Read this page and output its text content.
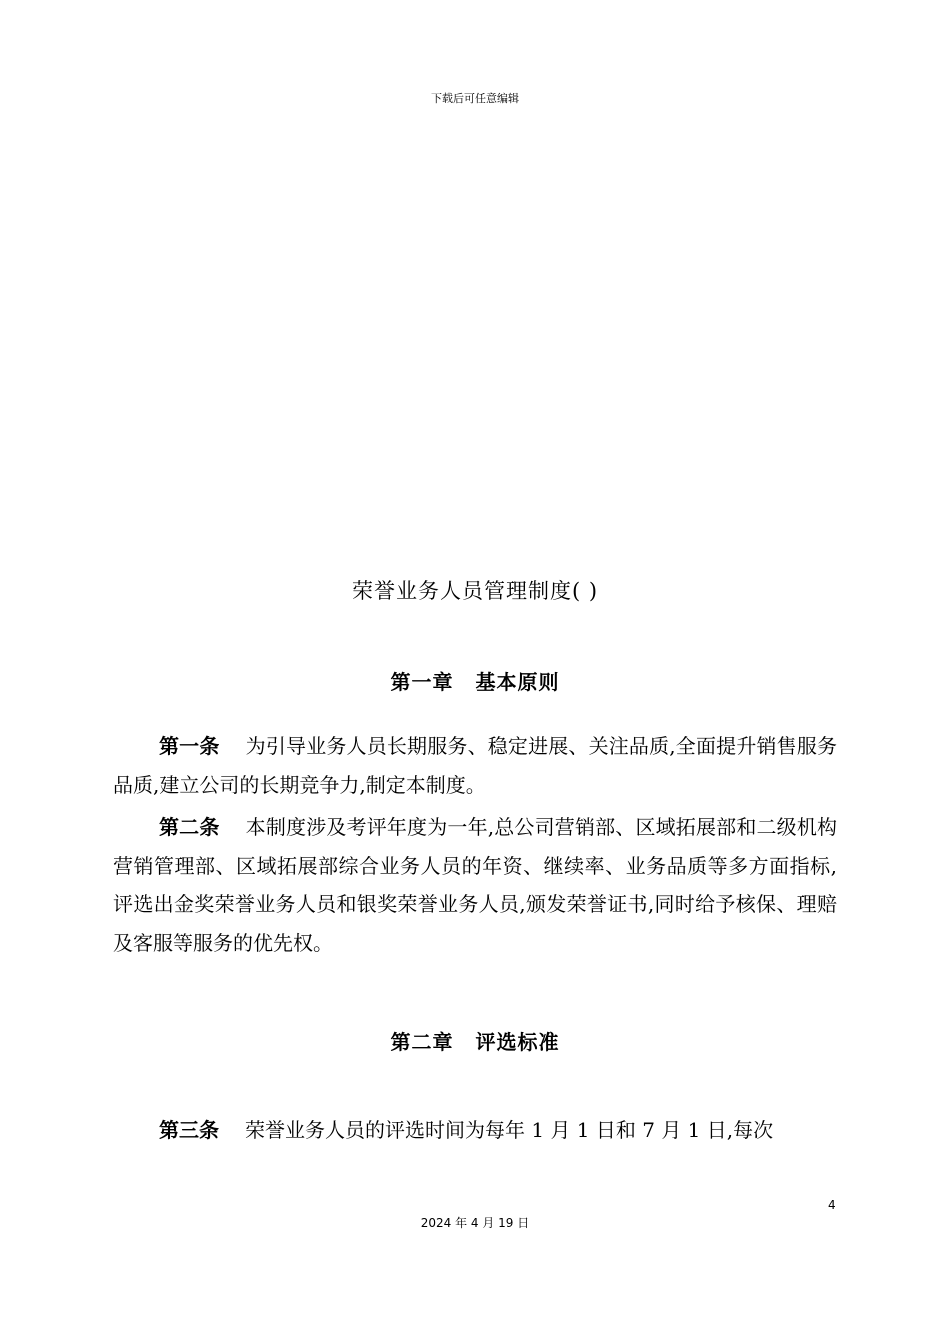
下载后可任意编辑
荣誉业务人员管理制度( )
第一章 基本原则

第一条 为引导业务人员长期服务、稳定进展、关注品质,全面提升销售服务品质,建立公司的长期竞争力,制定本制度。

第二条 本制度涉及考评年度为一年,总公司营销部、区域拓展部和二级机构营销管理部、区域拓展部综合业务人员的年资、继续率、业务品质等多方面指标,评选出金奖荣誉业务人员和银奖荣誉业务人员,颁发荣誉证书,同时给予核保、理赔及客服等服务的优先权。

第二章 评选标准

第三条 荣誉业务人员的评选时间为每年 1 月 1 日和 7 月 1 日,每次

4
2024 年 4 月 19 日
